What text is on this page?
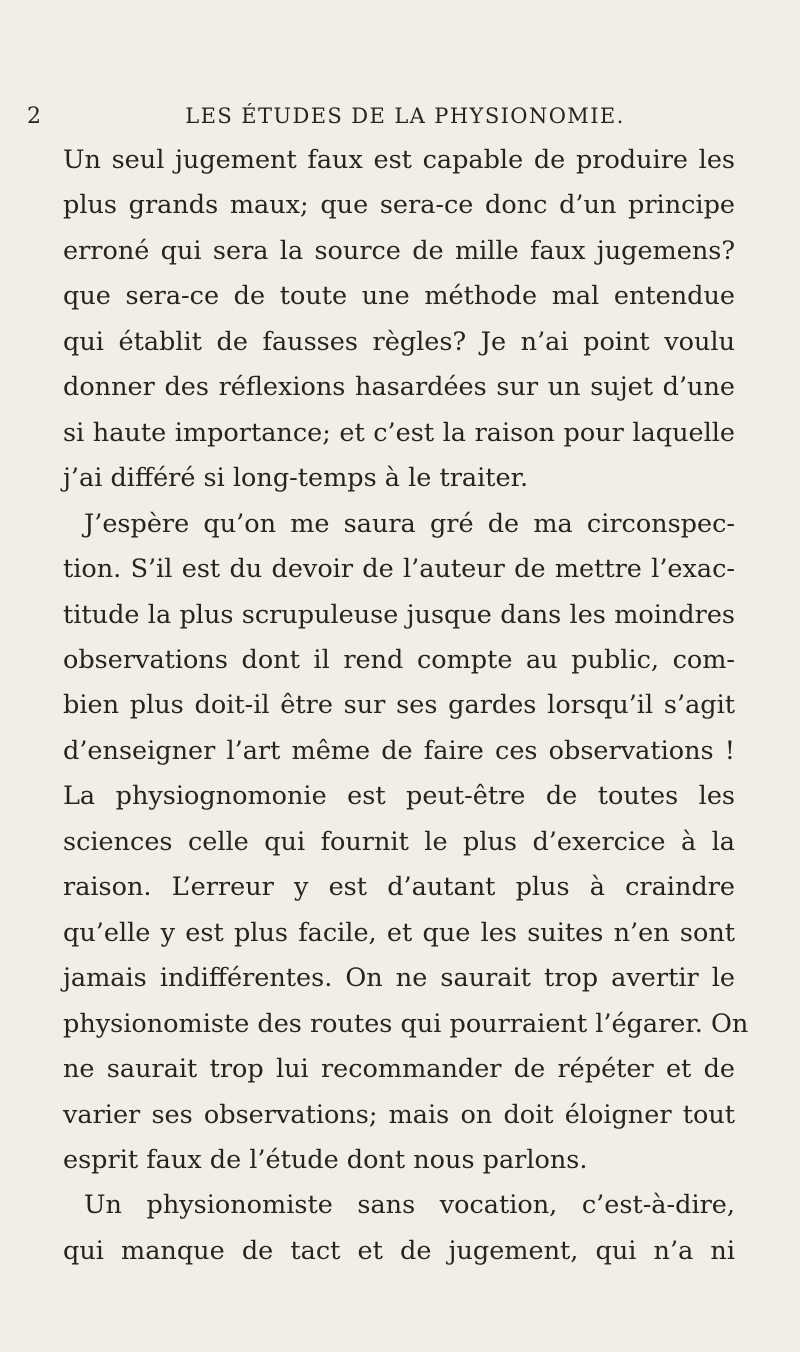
2	LES ÉTUDES DE LA PHYSIONOMIE.
Un seul jugement faux est capable de produire les
plus grands maux; que sera-ce donc d’un principe
erroné qui sera la source de mille faux jugemens?
que sera-ce de toute une méthode mal entendue
qui établit de fausses règles? Je n’ai point voulu
donner des réflexions hasardées sur un sujet d’une
si haute importance; et c’est la raison pour laquelle
j’ai différé si long-temps à le traiter.
J’espère qu’on me saura gré de ma circonspec-
tion. S’il est du devoir de l’auteur de mettre l’exac-
titude la plus scrupuleuse jusque dans les moindres
observations dont il rend compte au public, com-
bien plus doit-il être sur ses gardes lorsqu’il s’agit
d’enseigner l’art même de faire ces observations !
La physiognomonie est peut-être de toutes les
sciences celle qui fournit le plus d’exercice à la
raison. L’erreur y est d’autant plus à craindre
qu’elle y est plus facile, et que les suites n’en sont
jamais indifférentes. On ne saurait trop avertir le
physionomiste des routes qui pourraient l’égarer. On
ne saurait trop lui recommander de répéter et de
varier ses observations; mais on doit éloigner tout
esprit faux de l’étude dont nous parlons.
Un physionomiste sans vocation, c’est-à-dire,
qui manque de tact et de jugement, qui n’a ni
